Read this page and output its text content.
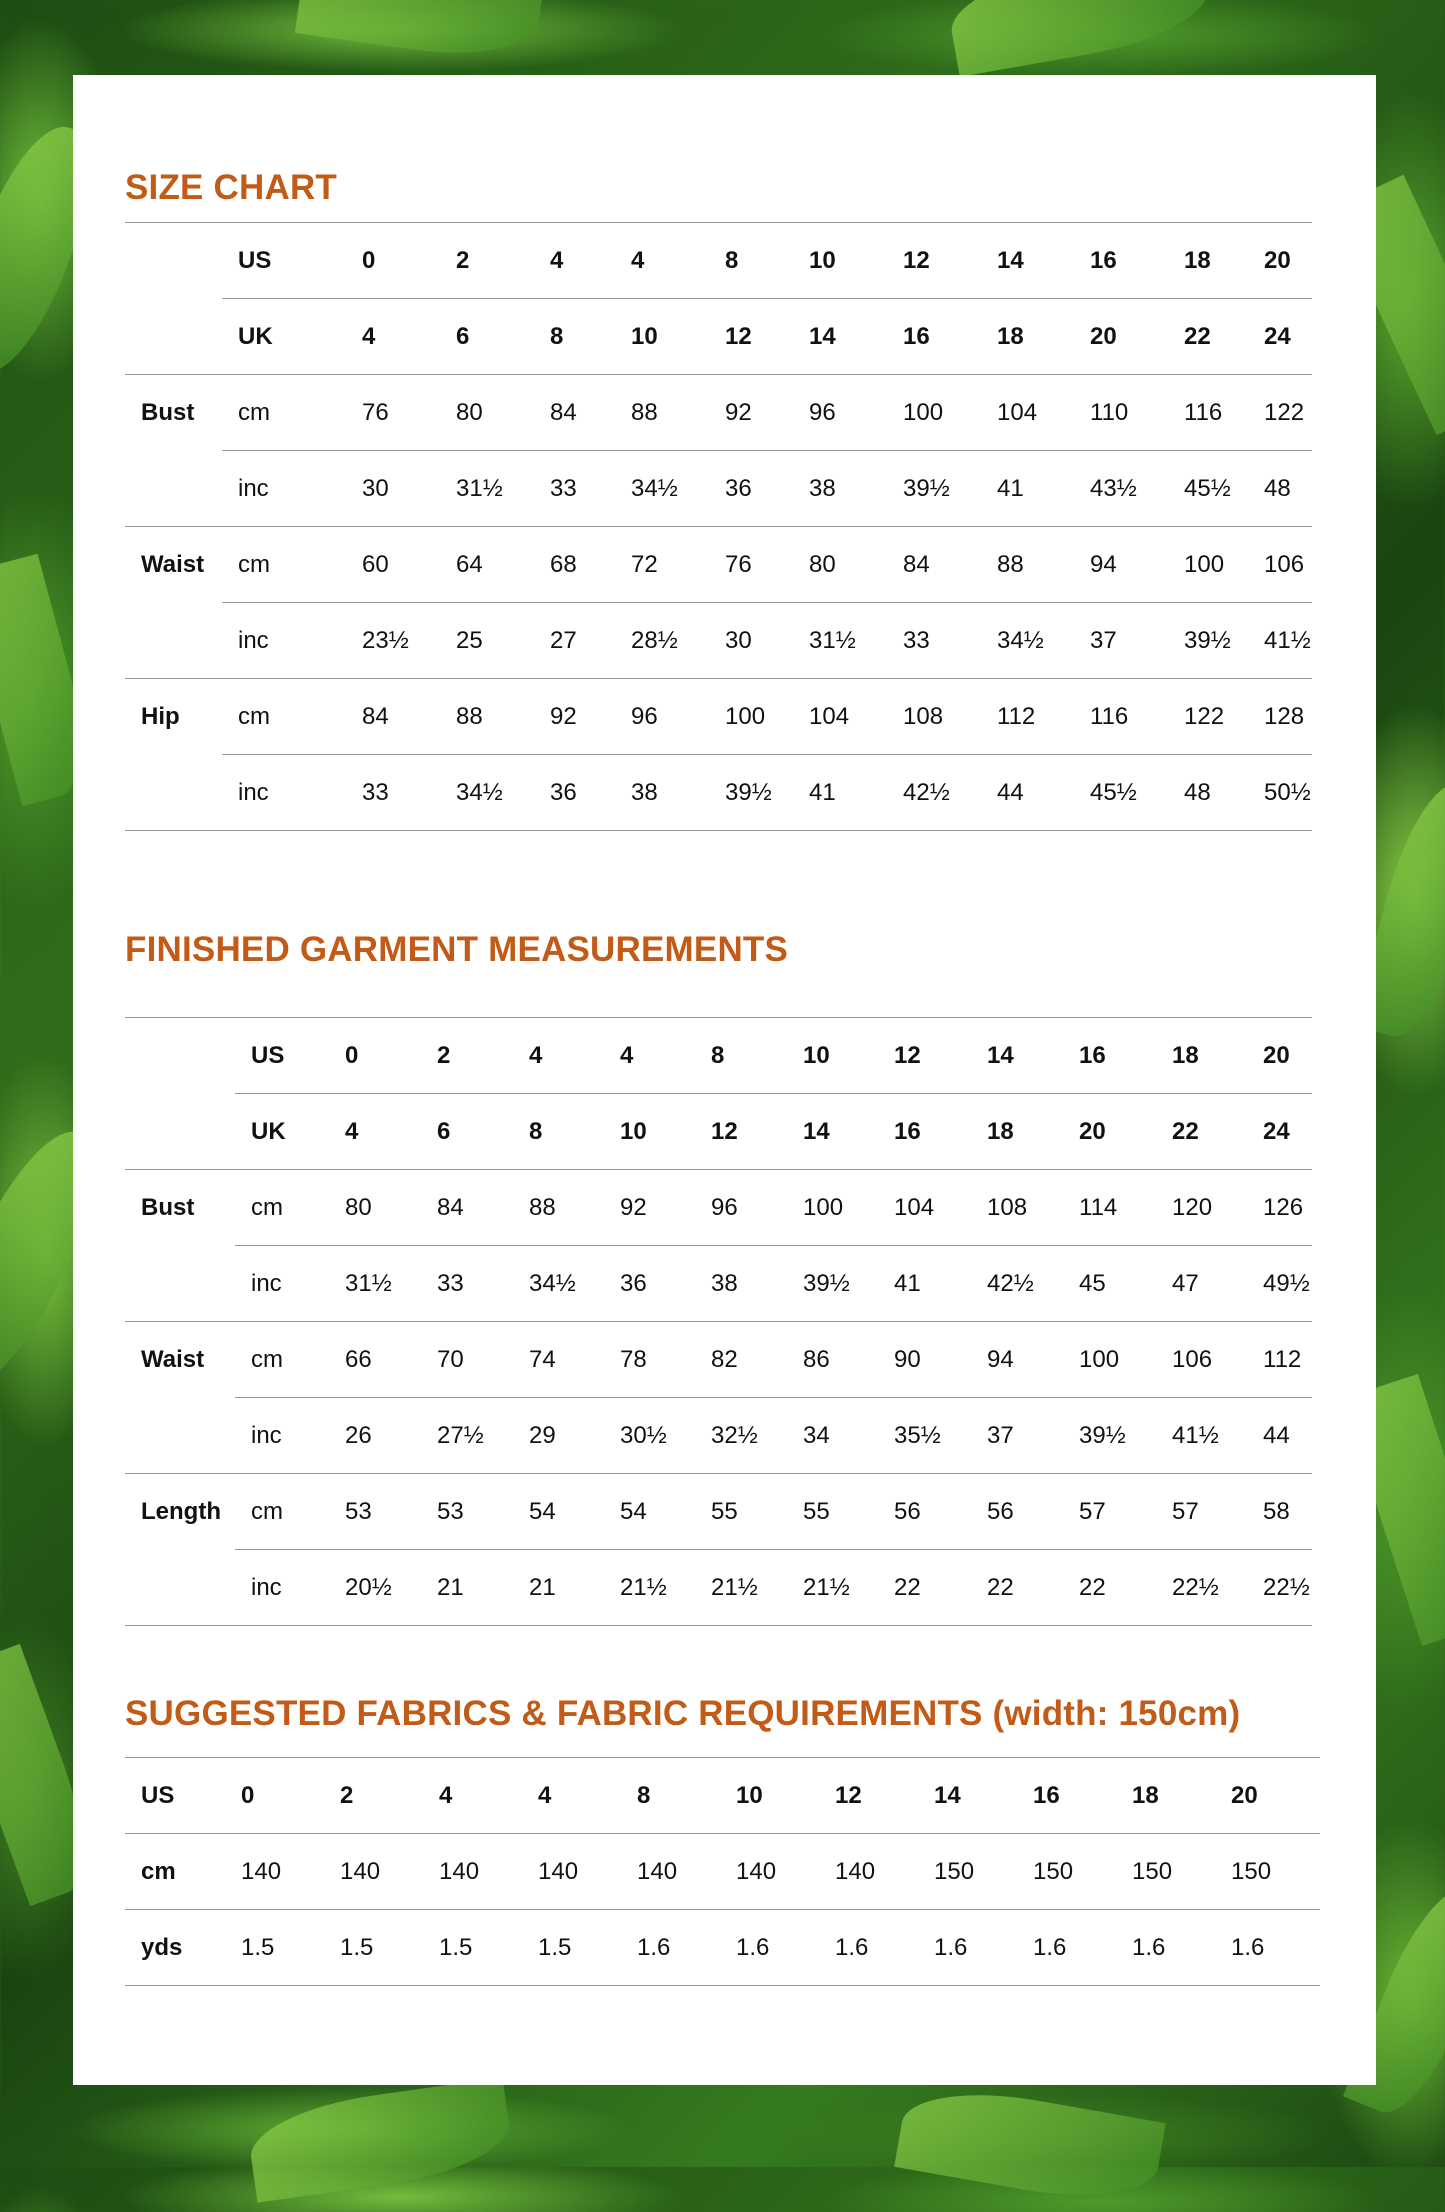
SIZE CHART
	US	0	2	4	4	8	10	12	14	16	18	20	
	UK	4	6	8	10	12	14	16	18	20	22	24	
Bust	cm	76	80	84	88	92	96	100	104	110	116	122	
	inc	30	31½	33	34½	36	38	39½	41	43½	45½	48	
Waist	cm	60	64	68	72	76	80	84	88	94	100	106	
	inc	23½	25	27	28½	30	31½	33	34½	37	39½	41½	
Hip	cm	84	88	92	96	100	104	108	112	116	122	128	
	inc	33	34½	36	38	39½	41	42½	44	45½	48	50½	
FINISHED GARMENT MEASUREMENTS
	US	0	2	4	4	8	10	12	14	16	18	20	
	UK	4	6	8	10	12	14	16	18	20	22	24	
Bust	cm	80	84	88	92	96	100	104	108	114	120	126	
	inc	31½	33	34½	36	38	39½	41	42½	45	47	49½	
Waist	cm	66	70	74	78	82	86	90	94	100	106	112	
	inc	26	27½	29	30½	32½	34	35½	37	39½	41½	44	
Length	cm	53	53	54	54	55	55	56	56	57	57	58	
	inc	20½	21	21	21½	21½	21½	22	22	22	22½	22½	
SUGGESTED FABRICS & FABRIC REQUIREMENTS (width: 150cm)
US	0	2	4	4	8	10	12	14	16	18	20
cm	140	140	140	140	140	140	140	150	150	150	150
yds	1.5	1.5	1.5	1.5	1.6	1.6	1.6	1.6	1.6	1.6	1.6
